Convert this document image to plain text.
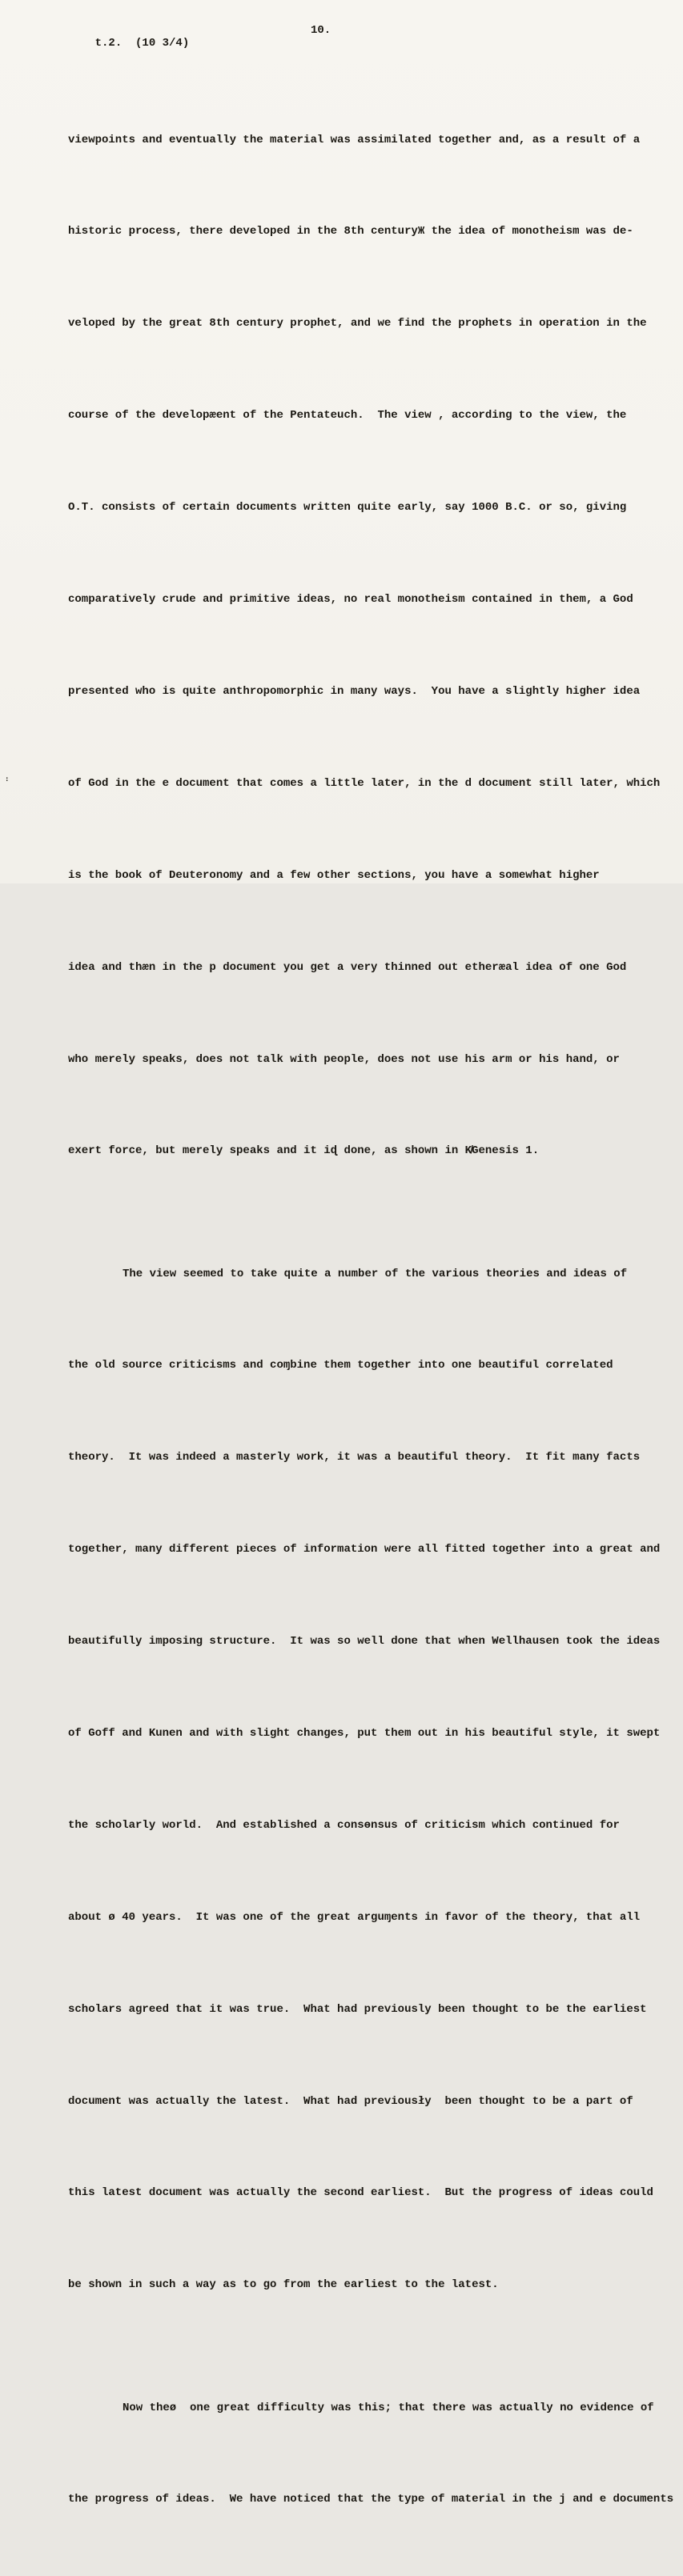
t.2.  (10 3/4)

10.

viewpoints and eventually the material was assimilated together and, as a result of a

historic process, there developed in the 8th centuryЖ the idea of monotheism was de-

veloped by the great 8th century prophet, and we find the prophets in operation in the

course of the developæent of the Pentateuch.  The view , according to the view, the

O.T. consists of certain documents written quite early, say 1000 B.C. or so, giving

comparatively crude and primitive ideas, no real monotheism contained in them, a God

presented who is quite anthropomorphic in many ways.  You have a slightly higher idea

of God in the e document that comes a little later, in the d document still later, which

is the book of Deuteronomy and a few other sections, you have a somewhat higher

idea and thæn in the p document you get a very thinned out etheræal idea of one God

who merely speaks, does not talk with people, does not use his arm or his hand, or

exert force, but merely speaks and it iɖ done, as shown in K̸Genesis 1.

The view seemed to take quite a number of the various theories and ideas of

the old source criticisms and coɱbine them together into one beautiful correlated

theory.  It was indeed a masterly work, it was a beautiful theory.  It fit many facts

together, many different pieces of information were all fitted together into a great and

beautifully imposing structure.  It was so well done that when Wellhausen took the ideas

of Goff and Kunen and with slight changes, put them out in his beautiful style, it swept

the scholarly world.  And established a consɵnsus of criticism which continued for

about ø 40 years.  It was one of the great arguɱents in favor of the theory, that all

scholars agreed that it was true.  What had previously been thought to be the earliest

document was actually the latest.  What had previousły  been thought to be a part of

this latest document was actually the second earliest.  But the progress of ideas could

be shown in such a way as to go from the earliest to the latest.

Now theø  one great difficulty was this; that there was actually no evidence of

the progress of ideas.  We have noticed that the type of material in the j and e documents

:
